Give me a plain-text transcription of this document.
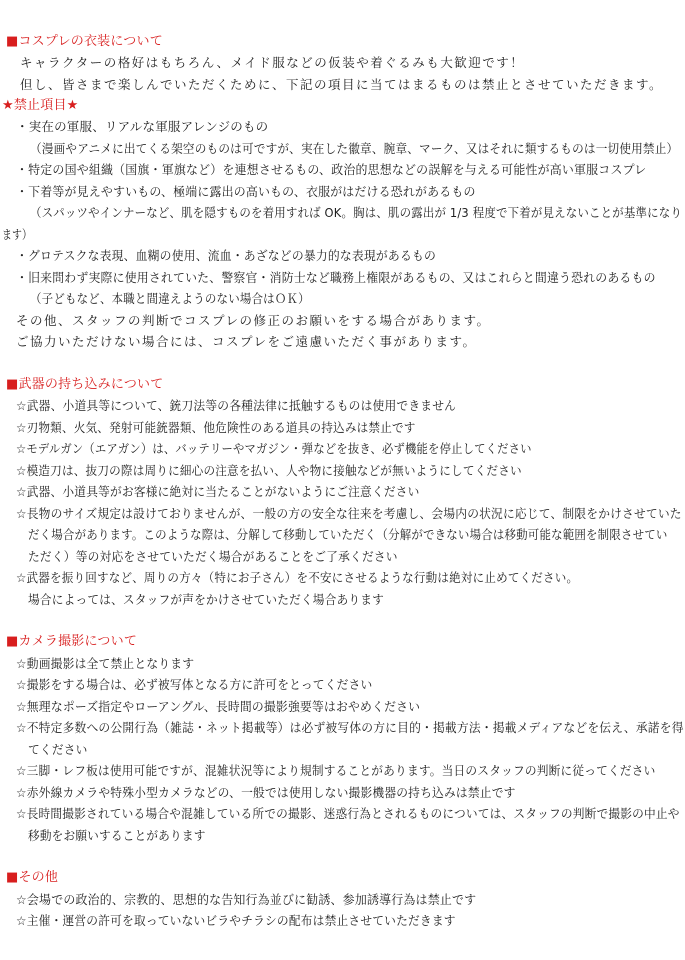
■コスプレの衣装について
キャラクターの格好はもちろん、メイド服などの仮装や着ぐるみも大歓迎です！
但し、皆さまで楽しんでいただくために、下記の項目に当てはまるものは禁止とさせていただきます。
★禁止項目★
・実在の軍服、リアルな軍服アレンジのもの
（漫画やアニメに出てくる架空のものは可ですが、実在した徽章、腕章、マーク、又はそれに類するものは一切使用禁止）
・特定の国や組織（国旗・軍旗など）を連想させるもの、政治的思想などの誤解を与える可能性が高い軍服コスプレ
・下着等が見えやすいもの、極端に露出の高いもの、衣服がはだける恐れがあるもの
（スパッツやインナーなど、肌を隠すものを着用すれば OK。胸は、肌の露出が 1/3 程度で下着が見えないことが基準になり
ます）
・グロテスクな表現、血糊の使用、流血・あざなどの暴力的な表現があるもの
・旧来問わず実際に使用されていた、警察官・消防士など職務上権限があるもの、又はこれらと間違う恐れのあるもの
（子どもなど、本職と間違えようのない場合はＯＫ）
その他、スタッフの判断でコスプレの修正のお願いをする場合があります。
ご協力いただけない場合には、コスプレをご遠慮いただく事があります。
■武器の持ち込みについて
☆武器、小道具等について、銃刀法等の各種法律に抵触するものは使用できません
☆刃物類、火気、発射可能銃器類、他危険性のある道具の持込みは禁止です
☆モデルガン（エアガン）は、バッテリーやマガジン・弾などを抜き、必ず機能を停止してください
☆模造刀は、抜刀の際は周りに細心の注意を払い、人や物に接触などが無いようにしてください
☆武器、小道具等がお客様に絶対に当たることがないようにご注意ください
☆長物のサイズ規定は設けておりませんが、一般の方の安全な往来を考慮し、会場内の状況に応じて、制限をかけさせていた
だく場合があります。このような際は、分解して移動していただく（分解ができない場合は移動可能な範囲を制限させてい
ただく）等の対応をさせていただく場合があることをご了承ください
☆武器を振り回すなど、周りの方々（特にお子さん）を不安にさせるような行動は絶対に止めてください。
場合によっては、スタッフが声をかけさせていただく場合あります
■カメラ撮影について
☆動画撮影は全て禁止となります
☆撮影をする場合は、必ず被写体となる方に許可をとってください
☆無理なポーズ指定やローアングル、長時間の撮影強要等はおやめください
☆不特定多数への公開行為（雑誌・ネット掲載等）は必ず被写体の方に目的・掲載方法・掲載メディアなどを伝え、承諾を得
てください
☆三脚・レフ板は使用可能ですが、混雑状況等により規制することがあります。当日のスタッフの判断に従ってください
☆赤外線カメラや特殊小型カメラなどの、一般では使用しない撮影機器の持ち込みは禁止です
☆長時間撮影されている場合や混雑している所での撮影、迷惑行為とされるものについては、スタッフの判断で撮影の中止や
移動をお願いすることがあります
■その他
☆会場での政治的、宗教的、思想的な告知行為並びに勧誘、参加誘導行為は禁止です
☆主催・運営の許可を取っていないビラやチラシの配布は禁止させていただきます
